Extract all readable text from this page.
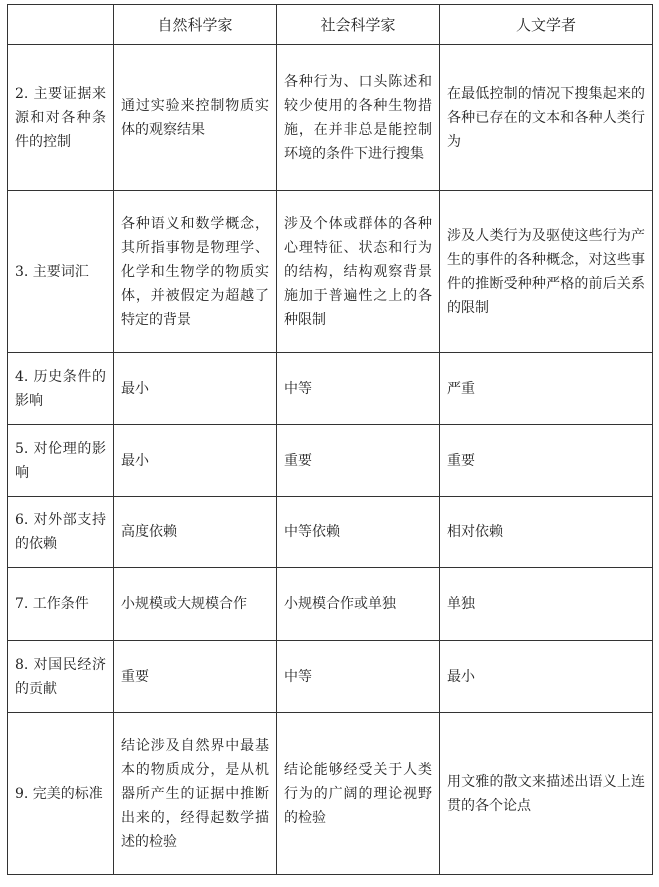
	自然科学家	社会科学家	人文学者
2. 主要证据来源和对各种条件的控制	通过实验来控制物质实体的观察结果	各种行为、口头陈述和较少使用的各种生物措施，在并非总是能控制环境的条件下进行搜集	在最低控制的情况下搜集起来的各种已存在的文本和各种人类行为
3. 主要词汇	各种语义和数学概念，其所指事物是物理学、化学和生物学的物质实体，并被假定为超越了特定的背景	涉及个体或群体的各种心理特征、状态和行为的结构，结构观察背景施加于普遍性之上的各种限制	涉及人类行为及驱使这些行为产生的事件的各种概念，对这些事件的推断受种种严格的前后关系的限制
4. 历史条件的影响	最小	中等	严重
5. 对伦理的影响	最小	重要	重要
6. 对外部支持的依赖	高度依赖	中等依赖	相对依赖
7. 工作条件	小规模或大规模合作	小规模合作或单独	单独
8. 对国民经济的贡献	重要	中等	最小
9. 完美的标准	结论涉及自然界中最基本的物质成分，是从机器所产生的证据中推断出来的，经得起数学描述的检验	结论能够经受关于人类行为的广阔的理论视野的检验	用文雅的散文来描述出语义上连贯的各个论点
